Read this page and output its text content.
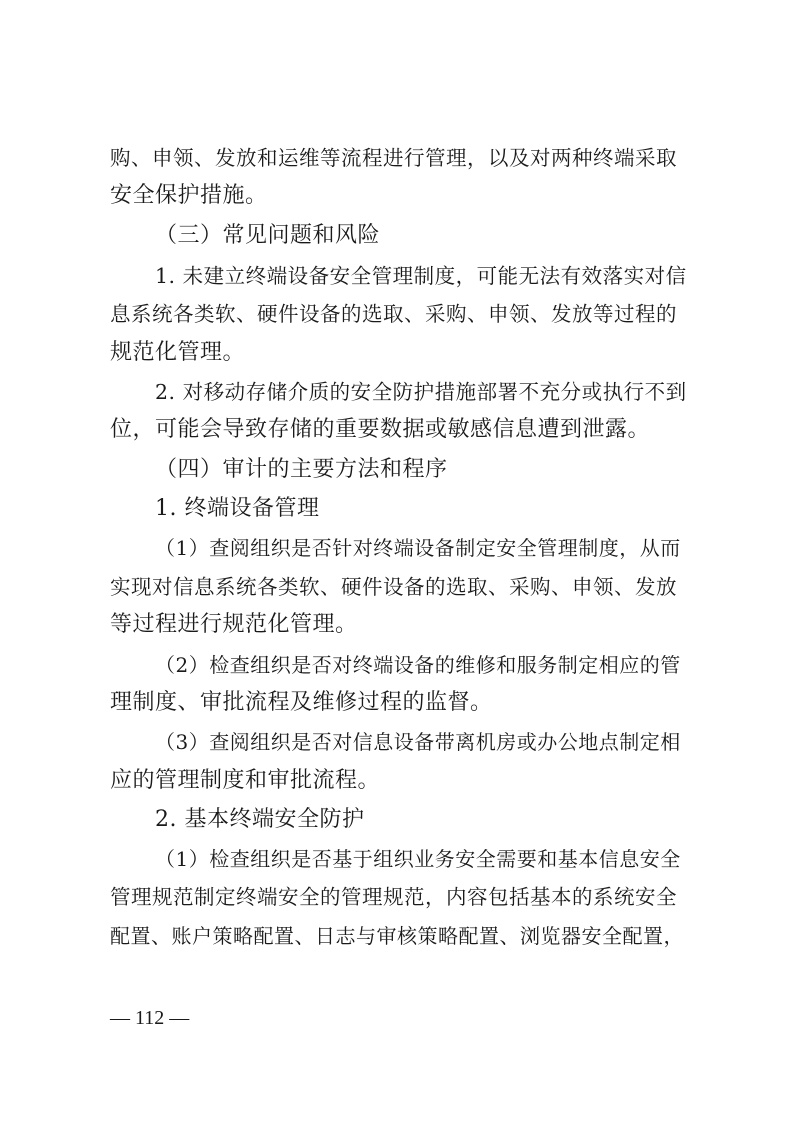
购、申领、发放和运维等流程进行管理，以及对两种终端采取
安全保护措施。
（三）常见问题和风险
1. 未建立终端设备安全管理制度，可能无法有效落实对信
息系统各类软、硬件设备的选取、采购、申领、发放等过程的
规范化管理。
2. 对移动存储介质的安全防护措施部署不充分或执行不到
位，可能会导致存储的重要数据或敏感信息遭到泄露。
（四）审计的主要方法和程序
1. 终端设备管理
（1）查阅组织是否针对终端设备制定安全管理制度，从而
实现对信息系统各类软、硬件设备的选取、采购、申领、发放
等过程进行规范化管理。
（2）检查组织是否对终端设备的维修和服务制定相应的管
理制度、审批流程及维修过程的监督。
（3）查阅组织是否对信息设备带离机房或办公地点制定相
应的管理制度和审批流程。
2. 基本终端安全防护
（1）检查组织是否基于组织业务安全需要和基本信息安全
管理规范制定终端安全的管理规范，内容包括基本的系统安全
配置、账户策略配置、日志与审核策略配置、浏览器安全配置，
— 112 —
